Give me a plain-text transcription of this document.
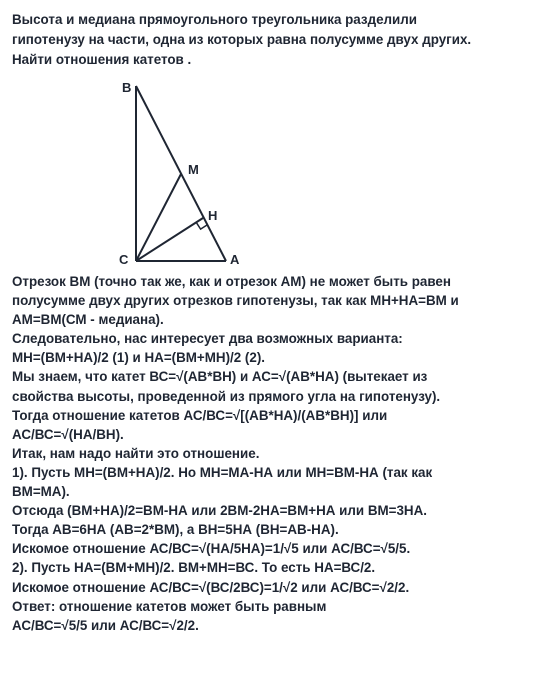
Высота и медиана прямоугольного треугольника разделили
гипотенузу на части, одна из которых равна полусумме двух других.
Найти отношения катетов .
B
M
H
C	A
Отрезок ВМ (точно так же, как и отрезок АМ) не может быть равен
полусумме двух других отрезков гипотенузы, так как МН+НА=ВМ и
АМ=ВМ(СМ - медиана).
Следовательно, нас интересует два возможных варианта:
МН=(ВМ+НА)/2 (1) и НА=(ВМ+МН)/2 (2).
Мы знаем, что катет ВС=√(АВ*ВН) и АС=√(АВ*НА) (вытекает из
свойства высоты, проведенной из прямого угла на гипотенузу).
Тогда отношение катетов АС/ВС=√[(АВ*НА)/(АВ*ВН)] или
АС/ВС=√(НА/ВН).
Итак, нам надо найти это отношение.
1). Пусть МН=(ВМ+НА)/2. Но МН=МА-НА или МН=ВМ-НА (так как
ВМ=МА).
Отсюда (ВМ+НА)/2=ВМ-НА или 2ВМ-2НА=ВМ+НА или ВМ=3НА.
Тогда АВ=6НА (АВ=2*ВМ), а ВН=5НА (ВН=АВ-НА).
Искомое отношение АС/ВС=√(НА/5НА)=1/√5 или АС/ВС=√5/5.
2). Пусть НА=(ВМ+МН)/2. ВМ+МН=ВС. То есть НА=ВС/2.
Искомое отношение АС/ВС=√(ВС/2ВС)=1/√2 или АС/ВС=√2/2.
Ответ: отношение катетов может быть равным
АС/ВС=√5/5 или АС/ВС=√2/2.
